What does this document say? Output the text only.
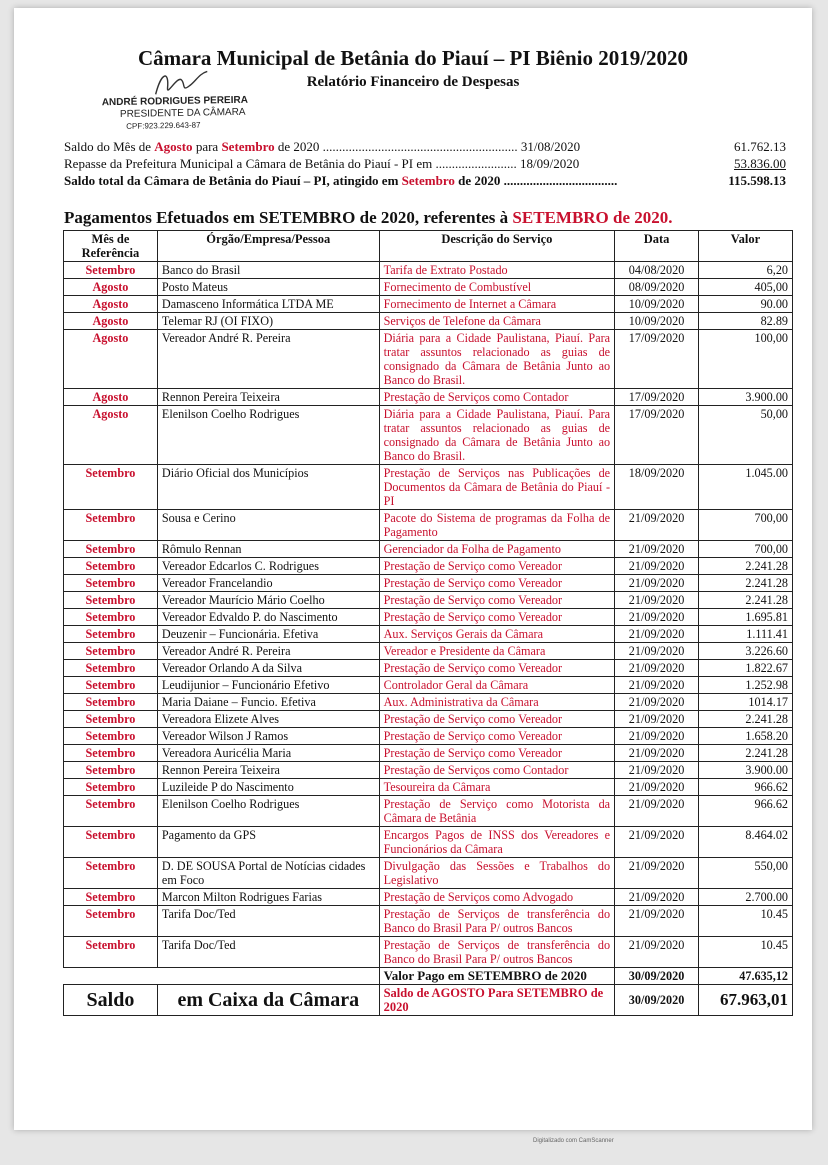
Câmara Municipal de Betânia do Piauí – PI Biênio 2019/2020
Relatório Financeiro de Despesas
ANDRÉ RODRIGUES PEREIRA
PRESIDENTE DA CÂMARA
CPF:923.229.643-87
Saldo do Mês de Agosto para Setembro de 2020 ............................................................ 31/08/2020	61.762.13
Repasse da Prefeitura Municipal a Câmara de Betânia do Piauí - PI em ......................... 18/09/2020	53.836.00
Saldo total da Câmara de Betânia do Piauí – PI, atingido em Setembro de 2020 ...................................	115.598.13
Pagamentos Efetuados em SETEMBRO de 2020, referentes à SETEMBRO de 2020.
Mês de Referência	Órgão/Empresa/Pessoa	Descrição do Serviço	Data	Valor
Setembro	Banco do Brasil	Tarifa de Extrato Postado	04/08/2020	6,20
Agosto	Posto Mateus	Fornecimento de Combustível	08/09/2020	405,00
Agosto	Damasceno Informática LTDA ME	Fornecimento de Internet a Câmara	10/09/2020	90.00
Agosto	Telemar RJ (OI FIXO)	Serviços de Telefone da Câmara	10/09/2020	82.89
Agosto	Vereador André R. Pereira	Diária para a Cidade Paulistana, Piauí. Para tratar assuntos relacionado as guias de consignado da Câmara de Betânia Junto ao Banco do Brasil.	17/09/2020	100,00
Agosto	Rennon Pereira Teixeira	Prestação de Serviços como Contador	17/09/2020	3.900.00
Agosto	Elenilson Coelho Rodrigues	Diária para a Cidade Paulistana, Piauí. Para tratar assuntos relacionado as guias de consignado da Câmara de Betânia Junto ao Banco do Brasil.	17/09/2020	50,00
Setembro	Diário Oficial dos Municípios	Prestação de Serviços nas Publicações de Documentos da Câmara de Betânia do Piauí - PI	18/09/2020	1.045.00
Setembro	Sousa e Cerino	Pacote do Sistema de programas da Folha de Pagamento	21/09/2020	700,00
Setembro	Rômulo Rennan	Gerenciador da Folha de Pagamento	21/09/2020	700,00
Setembro	Vereador Edcarlos C. Rodrigues	Prestação de Serviço como Vereador	21/09/2020	2.241.28
Setembro	Vereador Francelandio	Prestação de Serviço como Vereador	21/09/2020	2.241.28
Setembro	Vereador Maurício Mário Coelho	Prestação de Serviço como Vereador	21/09/2020	2.241.28
Setembro	Vereador Edvaldo P. do Nascimento	Prestação de Serviço como Vereador	21/09/2020	1.695.81
Setembro	Deuzenir – Funcionária. Efetiva	Aux. Serviços Gerais da Câmara	21/09/2020	1.111.41
Setembro	Vereador André R. Pereira	Vereador e Presidente da Câmara	21/09/2020	3.226.60
Setembro	Vereador Orlando A da Silva	Prestação de Serviço como Vereador	21/09/2020	1.822.67
Setembro	Leudijunior – Funcionário Efetivo	Controlador Geral da Câmara	21/09/2020	1.252.98
Setembro	Maria Daiane – Funcio. Efetiva	Aux. Administrativa da Câmara	21/09/2020	1014.17
Setembro	Vereadora Elizete Alves	Prestação de Serviço como Vereador	21/09/2020	2.241.28
Setembro	Vereador Wilson J Ramos	Prestação de Serviço como Vereador	21/09/2020	1.658.20
Setembro	Vereadora Auricélia Maria	Prestação de Serviço como Vereador	21/09/2020	2.241.28
Setembro	Rennon Pereira Teixeira	Prestação de Serviços como Contador	21/09/2020	3.900.00
Setembro	Luzileide P do Nascimento	Tesoureira da Câmara	21/09/2020	966.62
Setembro	Elenilson Coelho Rodrigues	Prestação de Serviço como Motorista da Câmara de Betânia	21/09/2020	966.62
Setembro	Pagamento da GPS	Encargos Pagos de INSS dos Vereadores e Funcionários da Câmara	21/09/2020	8.464.02
Setembro	D. DE SOUSA Portal de Notícias cidades em Foco	Divulgação das Sessões e Trabalhos do Legislativo	21/09/2020	550,00
Setembro	Marcon Milton Rodrigues Farias	Prestação de Serviços como Advogado	21/09/2020	2.700.00
Setembro	Tarifa Doc/Ted	Prestação de Serviços de transferência do Banco do Brasil Para P/ outros Bancos	21/09/2020	10.45
Setembro	Tarifa Doc/Ted	Prestação de Serviços de transferência do Banco do Brasil Para P/ outros Bancos	21/09/2020	10.45
		Valor Pago em SETEMBRO de 2020	30/09/2020	47.635,12
Saldo	em Caixa da Câmara	Saldo de AGOSTO Para SETEMBRO de 2020	30/09/2020	67.963,01
Digitalizado com CamScanner
